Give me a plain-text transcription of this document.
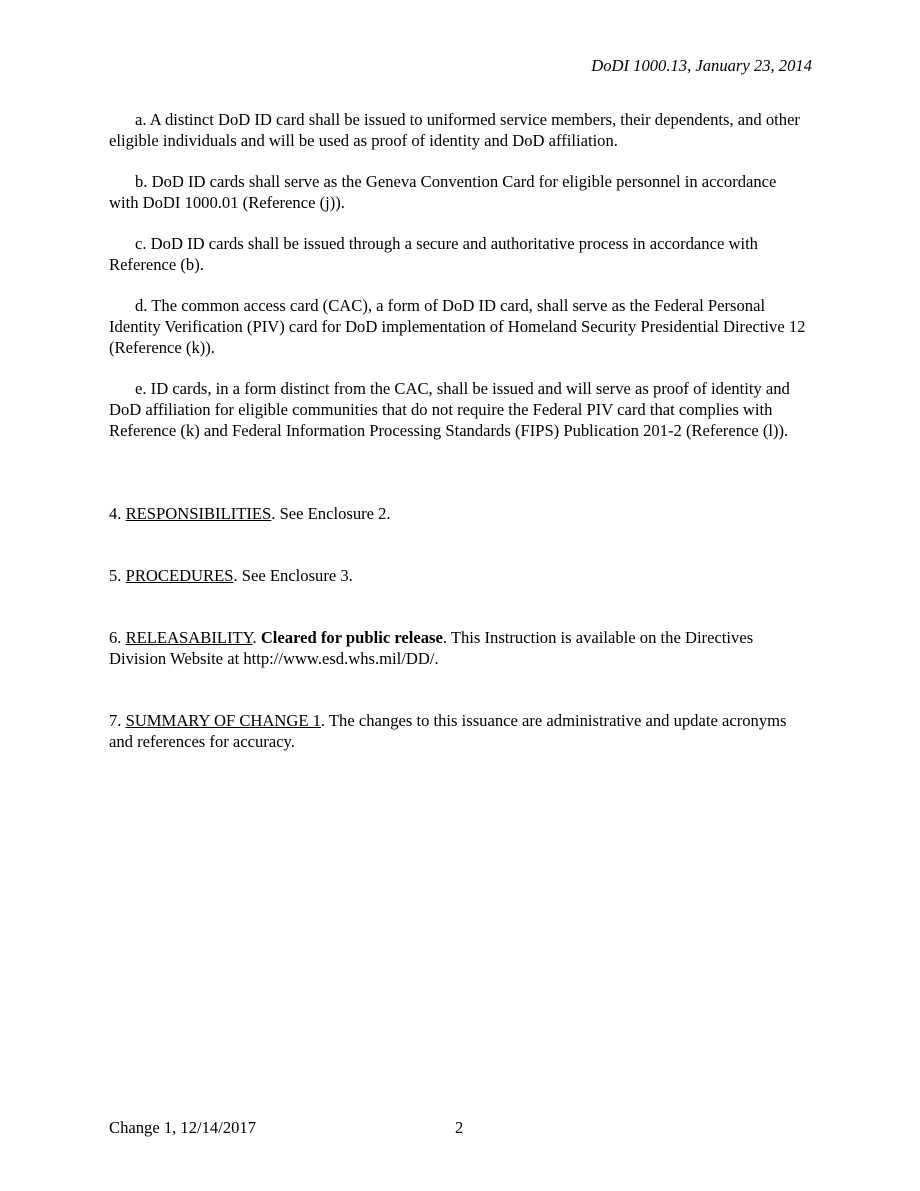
DoDI 1000.13, January 23, 2014

a. A distinct DoD ID card shall be issued to uniformed service members, their dependents, and other eligible individuals and will be used as proof of identity and DoD affiliation.

b. DoD ID cards shall serve as the Geneva Convention Card for eligible personnel in accordance with DoDI 1000.01 (Reference (j)).

c. DoD ID cards shall be issued through a secure and authoritative process in accordance with Reference (b).

d. The common access card (CAC), a form of DoD ID card, shall serve as the Federal Personal Identity Verification (PIV) card for DoD implementation of Homeland Security Presidential Directive 12 (Reference (k)).

e. ID cards, in a form distinct from the CAC, shall be issued and will serve as proof of identity and DoD affiliation for eligible communities that do not require the Federal PIV card that complies with Reference (k) and Federal Information Processing Standards (FIPS) Publication 201-2 (Reference (l)).

4. RESPONSIBILITIES. See Enclosure 2.

5. PROCEDURES. See Enclosure 3.

6. RELEASABILITY. Cleared for public release. This Instruction is available on the Directives Division Website at http://www.esd.whs.mil/DD/.

7. SUMMARY OF CHANGE 1. The changes to this issuance are administrative and update acronyms and references for accuracy.

Change 1, 12/14/2017	2
